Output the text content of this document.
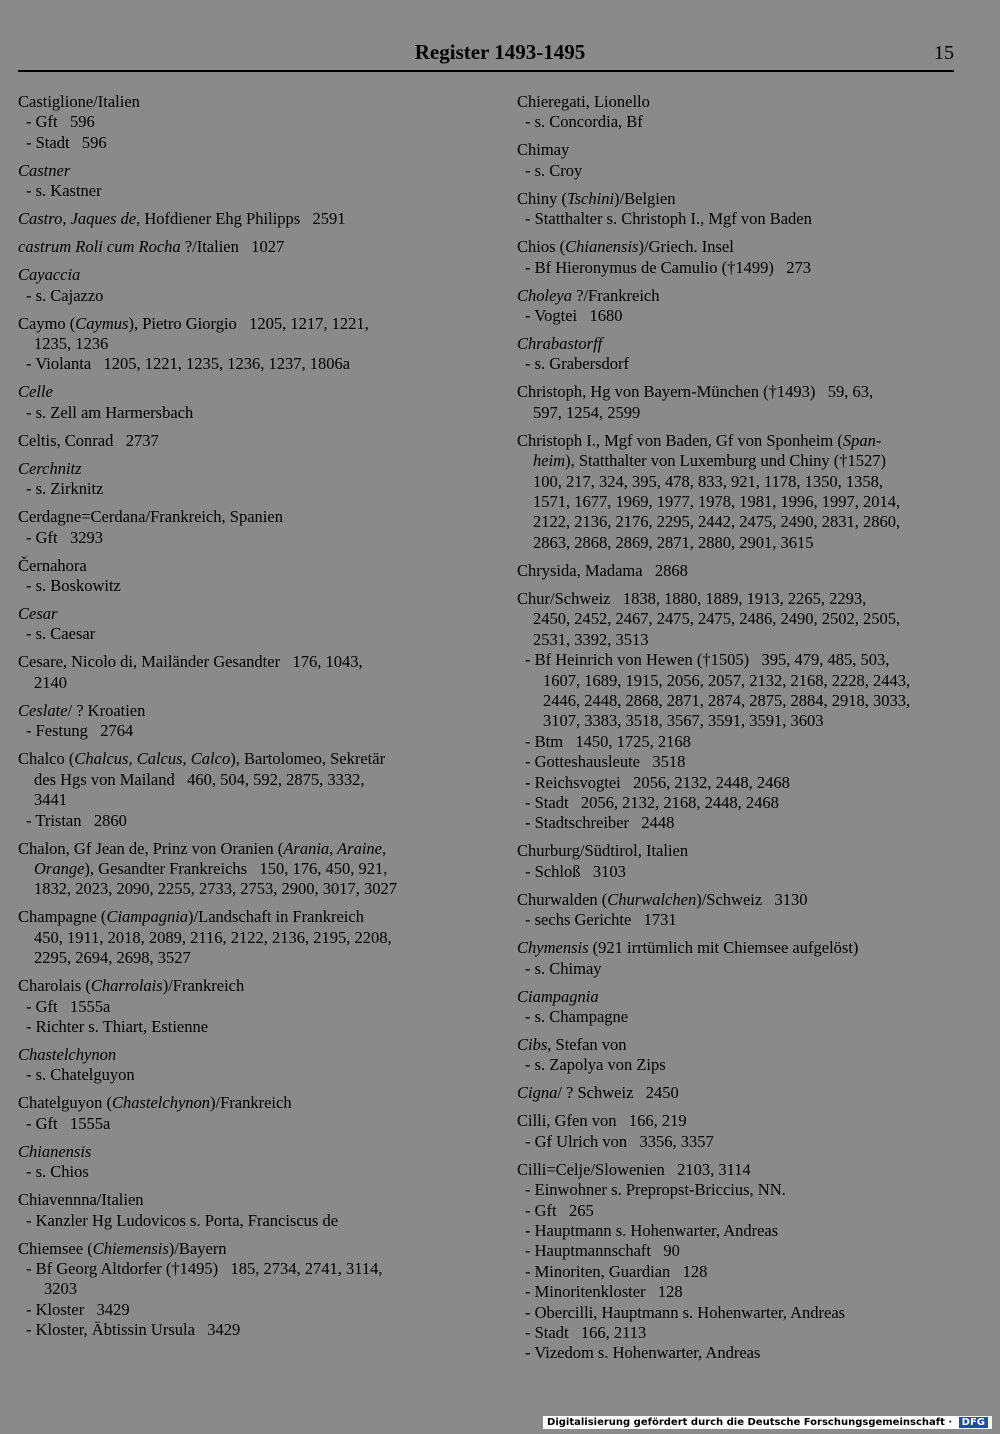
Register 1493-1495	15
Castiglione/Italien
- Gft   596
- Stadt   596
Castner
- s. Kastner
Castro, Jaques de, Hofdiener Ehg Philipps   2591
castrum Roli cum Rocha ?/Italien   1027
Cayaccia
- s. Cajazzo
Caymo (Caymus), Pietro Giorgio   1205, 1217, 1221,
1235, 1236
- Violanta   1205, 1221, 1235, 1236, 1237, 1806a
Celle
- s. Zell am Harmersbach
Celtis, Conrad   2737
Cerchnitz
- s. Zirknitz
Cerdagne=Cerdana/Frankreich, Spanien
- Gft   3293
Černahora
- s. Boskowitz
Cesar
- s. Caesar
Cesare, Nicolo di, Mailänder Gesandter   176, 1043,
2140
Ceslate/ ? Kroatien
- Festung   2764
Chalco (Chalcus, Calcus, Calco), Bartolomeo, Sekretär
des Hgs von Mailand   460, 504, 592, 2875, 3332,
3441
- Tristan   2860
Chalon, Gf Jean de, Prinz von Oranien (Arania, Araine,
Orange), Gesandter Frankreichs   150, 176, 450, 921,
1832, 2023, 2090, 2255, 2733, 2753, 2900, 3017, 3027
Champagne (Ciampagnia)/Landschaft in Frankreich
450, 1911, 2018, 2089, 2116, 2122, 2136, 2195, 2208,
2295, 2694, 2698, 3527
Charolais (Charrolais)/Frankreich
- Gft   1555a
- Richter s. Thiart, Estienne
Chastelchynon
- s. Chatelguyon
Chatelguyon (Chastelchynon)/Frankreich
- Gft   1555a
Chianensis
- s. Chios
Chiavennna/Italien
- Kanzler Hg Ludovicos s. Porta, Franciscus de
Chiemsee (Chiemensis)/Bayern
- Bf Georg Altdorfer (†1495)   185, 2734, 2741, 3114,
3203
- Kloster   3429
- Kloster, Äbtissin Ursula   3429
Chieregati, Lionello
- s. Concordia, Bf
Chimay
- s. Croy
Chiny (Tschini)/Belgien
- Statthalter s. Christoph I., Mgf von Baden
Chios (Chianensis)/Griech. Insel
- Bf Hieronymus de Camulio (†1499)   273
Choleya ?/Frankreich
- Vogtei   1680
Chrabastorff
- s. Grabersdorf
Christoph, Hg von Bayern-München (†1493)   59, 63,
597, 1254, 2599
Christoph I., Mgf von Baden, Gf von Sponheim (Span-
heim), Statthalter von Luxemburg und Chiny (†1527)
100, 217, 324, 395, 478, 833, 921, 1178, 1350, 1358,
1571, 1677, 1969, 1977, 1978, 1981, 1996, 1997, 2014,
2122, 2136, 2176, 2295, 2442, 2475, 2490, 2831, 2860,
2863, 2868, 2869, 2871, 2880, 2901, 3615
Chrysida, Madama   2868
Chur/Schweiz   1838, 1880, 1889, 1913, 2265, 2293,
2450, 2452, 2467, 2475, 2475, 2486, 2490, 2502, 2505,
2531, 3392, 3513
- Bf Heinrich von Hewen (†1505)   395, 479, 485, 503,
1607, 1689, 1915, 2056, 2057, 2132, 2168, 2228, 2443,
2446, 2448, 2868, 2871, 2874, 2875, 2884, 2918, 3033,
3107, 3383, 3518, 3567, 3591, 3591, 3603
- Btm   1450, 1725, 2168
- Gotteshausleute   3518
- Reichsvogtei   2056, 2132, 2448, 2468
- Stadt   2056, 2132, 2168, 2448, 2468
- Stadtschreiber   2448
Churburg/Südtirol, Italien
- Schloß   3103
Churwalden (Churwalchen)/Schweiz   3130
- sechs Gerichte   1731
Chymensis (921 irrtümlich mit Chiemsee aufgelöst)
- s. Chimay
Ciampagnia
- s. Champagne
Cibs, Stefan von
- s. Zapolya von Zips
Cigna/ ? Schweiz   2450
Cilli, Gfen von   166, 219
- Gf Ulrich von   3356, 3357
Cilli=Celje/Slowenien   2103, 3114
- Einwohner s. Prepropst-Briccius, NN.
- Gft   265
- Hauptmann s. Hohenwarter, Andreas
- Hauptmannschaft   90
- Minoriten, Guardian   128
- Minoritenkloster   128
- Obercilli, Hauptmann s. Hohenwarter, Andreas
- Stadt   166, 2113
- Vizedom s. Hohenwarter, Andreas
Digitalisierung gefördert durch die Deutsche Forschungsgemeinschaft · DFG
